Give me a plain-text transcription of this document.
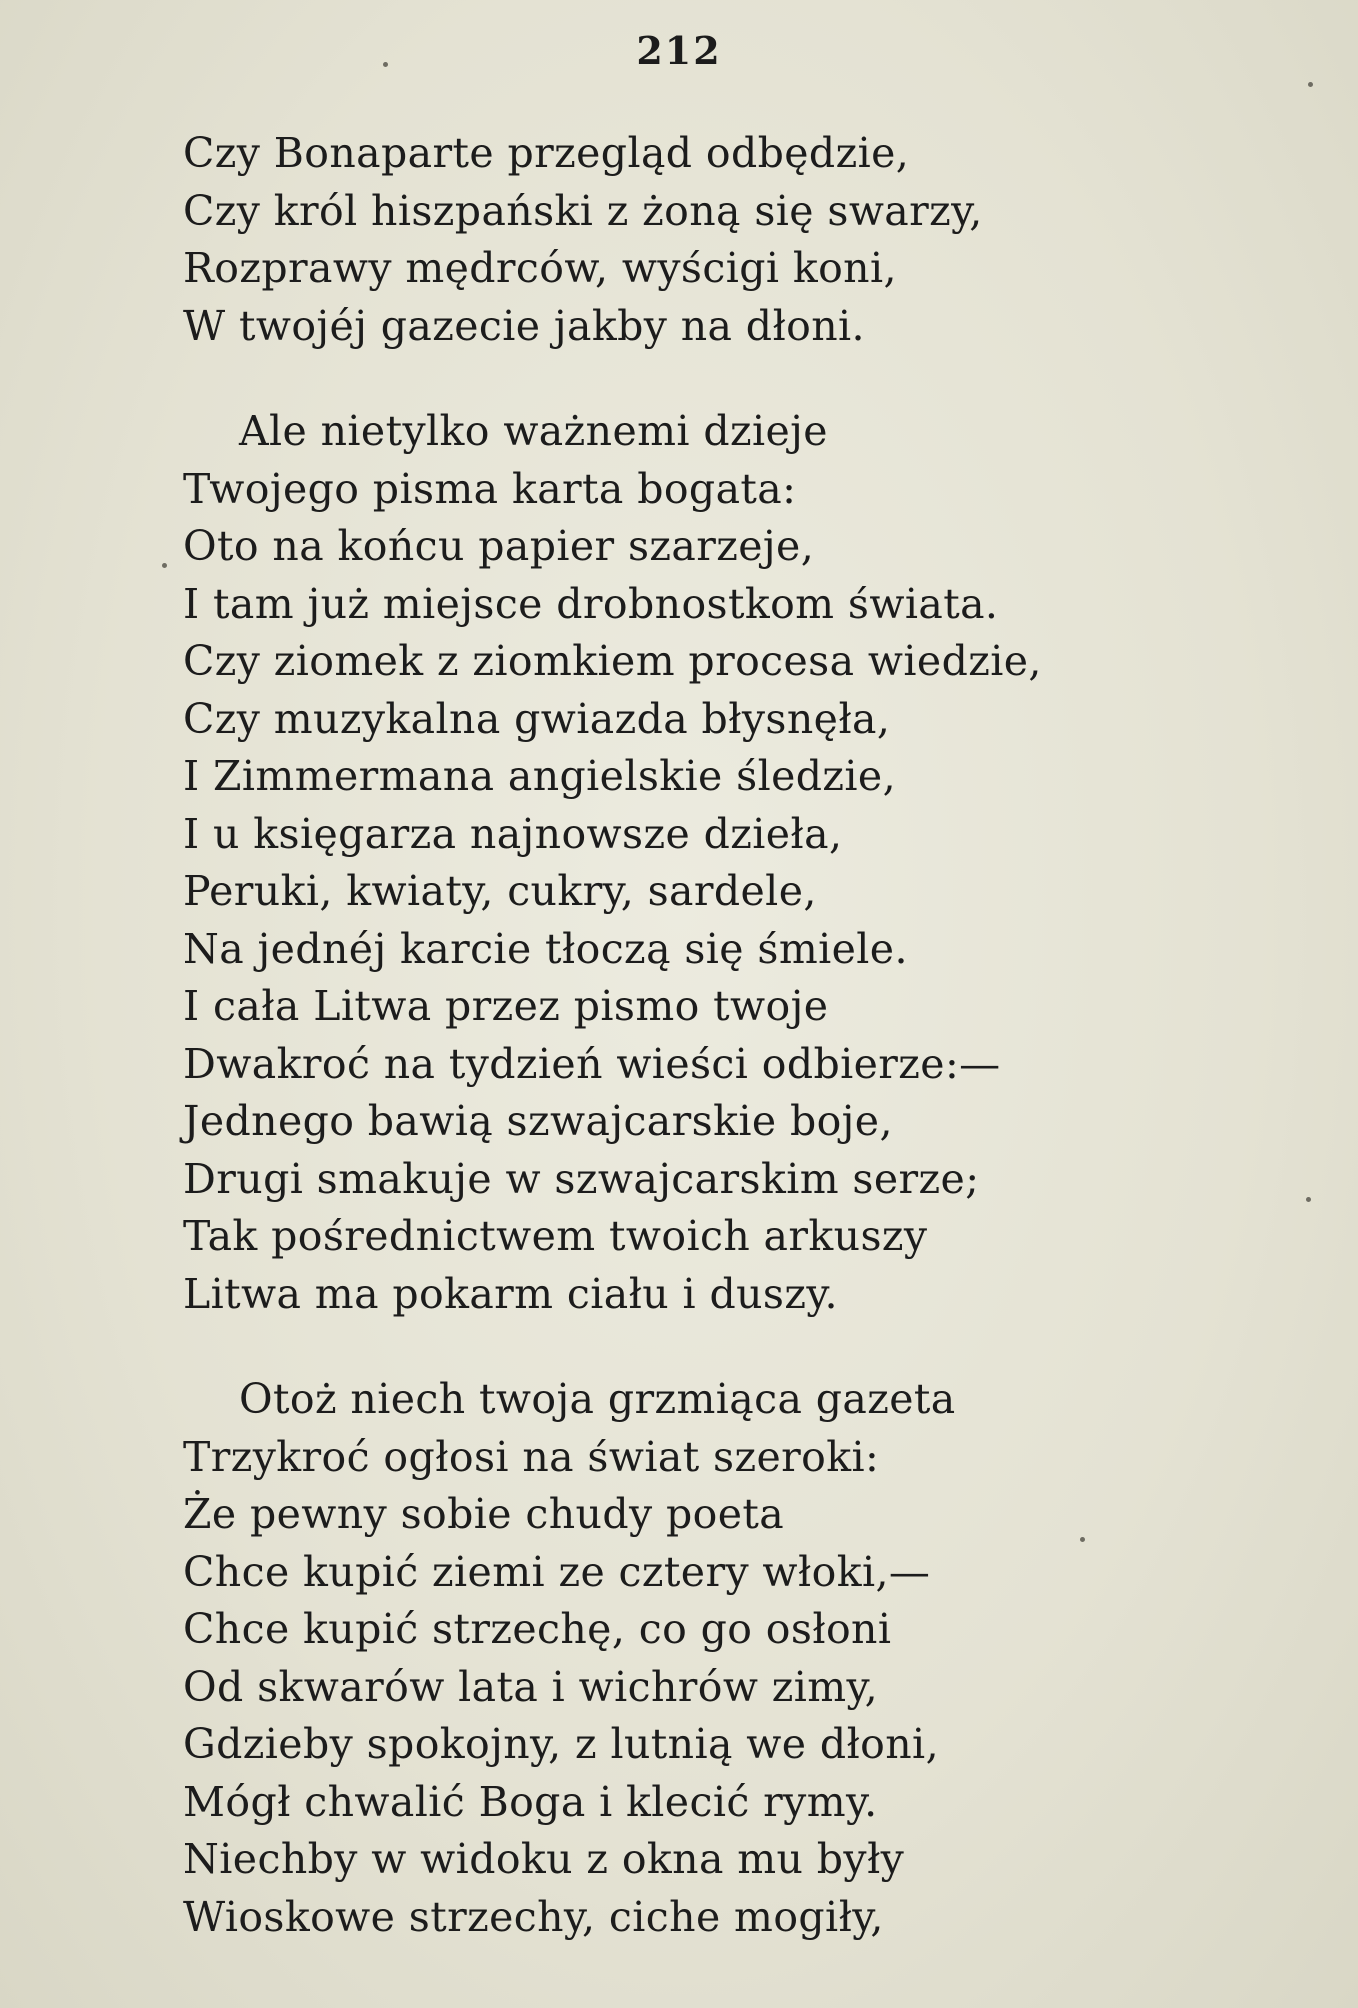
212
Czy Bonaparte przegląd odbędzie,
Czy król hiszpański z żoną się swarzy,
Rozprawy mędrców, wyścigi koni,
W twojéj gazecie jakby na dłoni.
Ale nietylko ważnemi dzieje
Twojego pisma karta bogata:
Oto na końcu papier szarzeje,
I tam już miejsce drobnostkom świata.
Czy ziomek z ziomkiem procesa wiedzie,
Czy muzykalna gwiazda błysnęła,
I Zimmermana angielskie śledzie,
I u księgarza najnowsze dzieła,
Peruki, kwiaty, cukry, sardele,
Na jednéj karcie tłoczą się śmiele.
I cała Litwa przez pismo twoje
Dwakroć na tydzień wieści odbierze:—
Jednego bawią szwajcarskie boje,
Drugi smakuje w szwajcarskim serze;
Tak pośrednictwem twoich arkuszy
Litwa ma pokarm ciału i duszy.
Otoż niech twoja grzmiąca gazeta
Trzykroć ogłosi na świat szeroki:
Że pewny sobie chudy poeta
Chce kupić ziemi ze cztery włoki,—
Chce kupić strzechę, co go osłoni
Od skwarów lata i wichrów zimy,
Gdzieby spokojny, z lutnią we dłoni,
Mógł chwalić Boga i klecić rymy.
Niechby w widoku z okna mu były
Wioskowe strzechy, ciche mogiły,
